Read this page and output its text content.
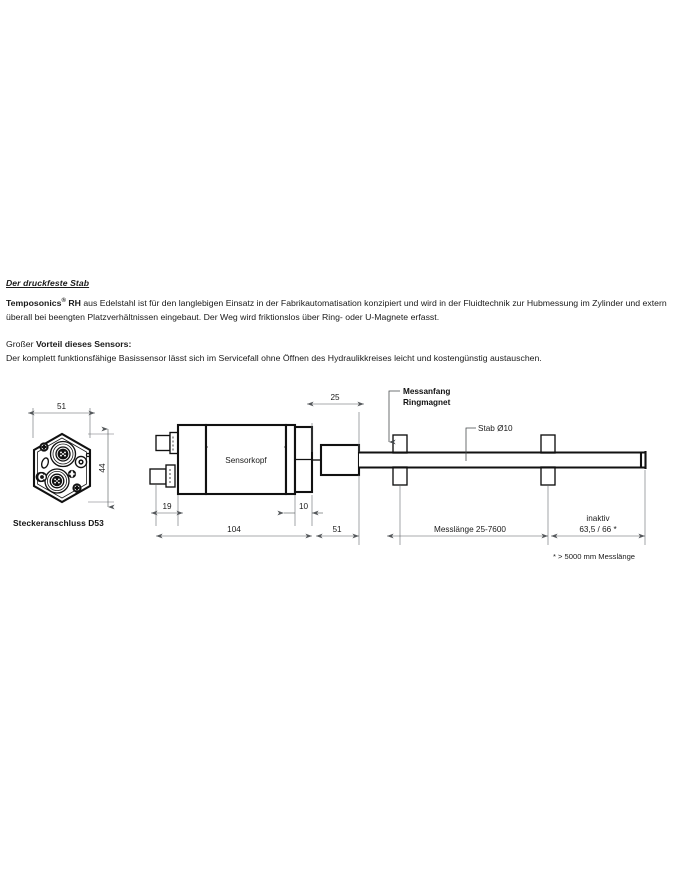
Der druckfeste Stab

Temposonics® RH aus Edelstahl ist für den langlebigen Einsatz in der Fabrikautomatisation konzipiert und wird in der Fluidtechnik zur Hubmessung im Zylinder und extern überall bei beengten Platzverhältnissen eingebaut. Der Weg wird friktionslos über Ring- oder U-Magnete erfasst.

Großer Vorteil dieses Sensors:

Der komplett funktionsfähige Basissensor lässt sich im Servicefall ohne Öffnen des Hydraulikkreises leicht und kostengünstig austauschen.

51
44
Steckeranschluss D53
Sensorkopf
Messanfang
Ringmagnet
Stab Ø10
25
19	10
104	51	Messlänge 25-7600
inaktiv
63,5 / 66 *
* > 5000 mm Messlänge
